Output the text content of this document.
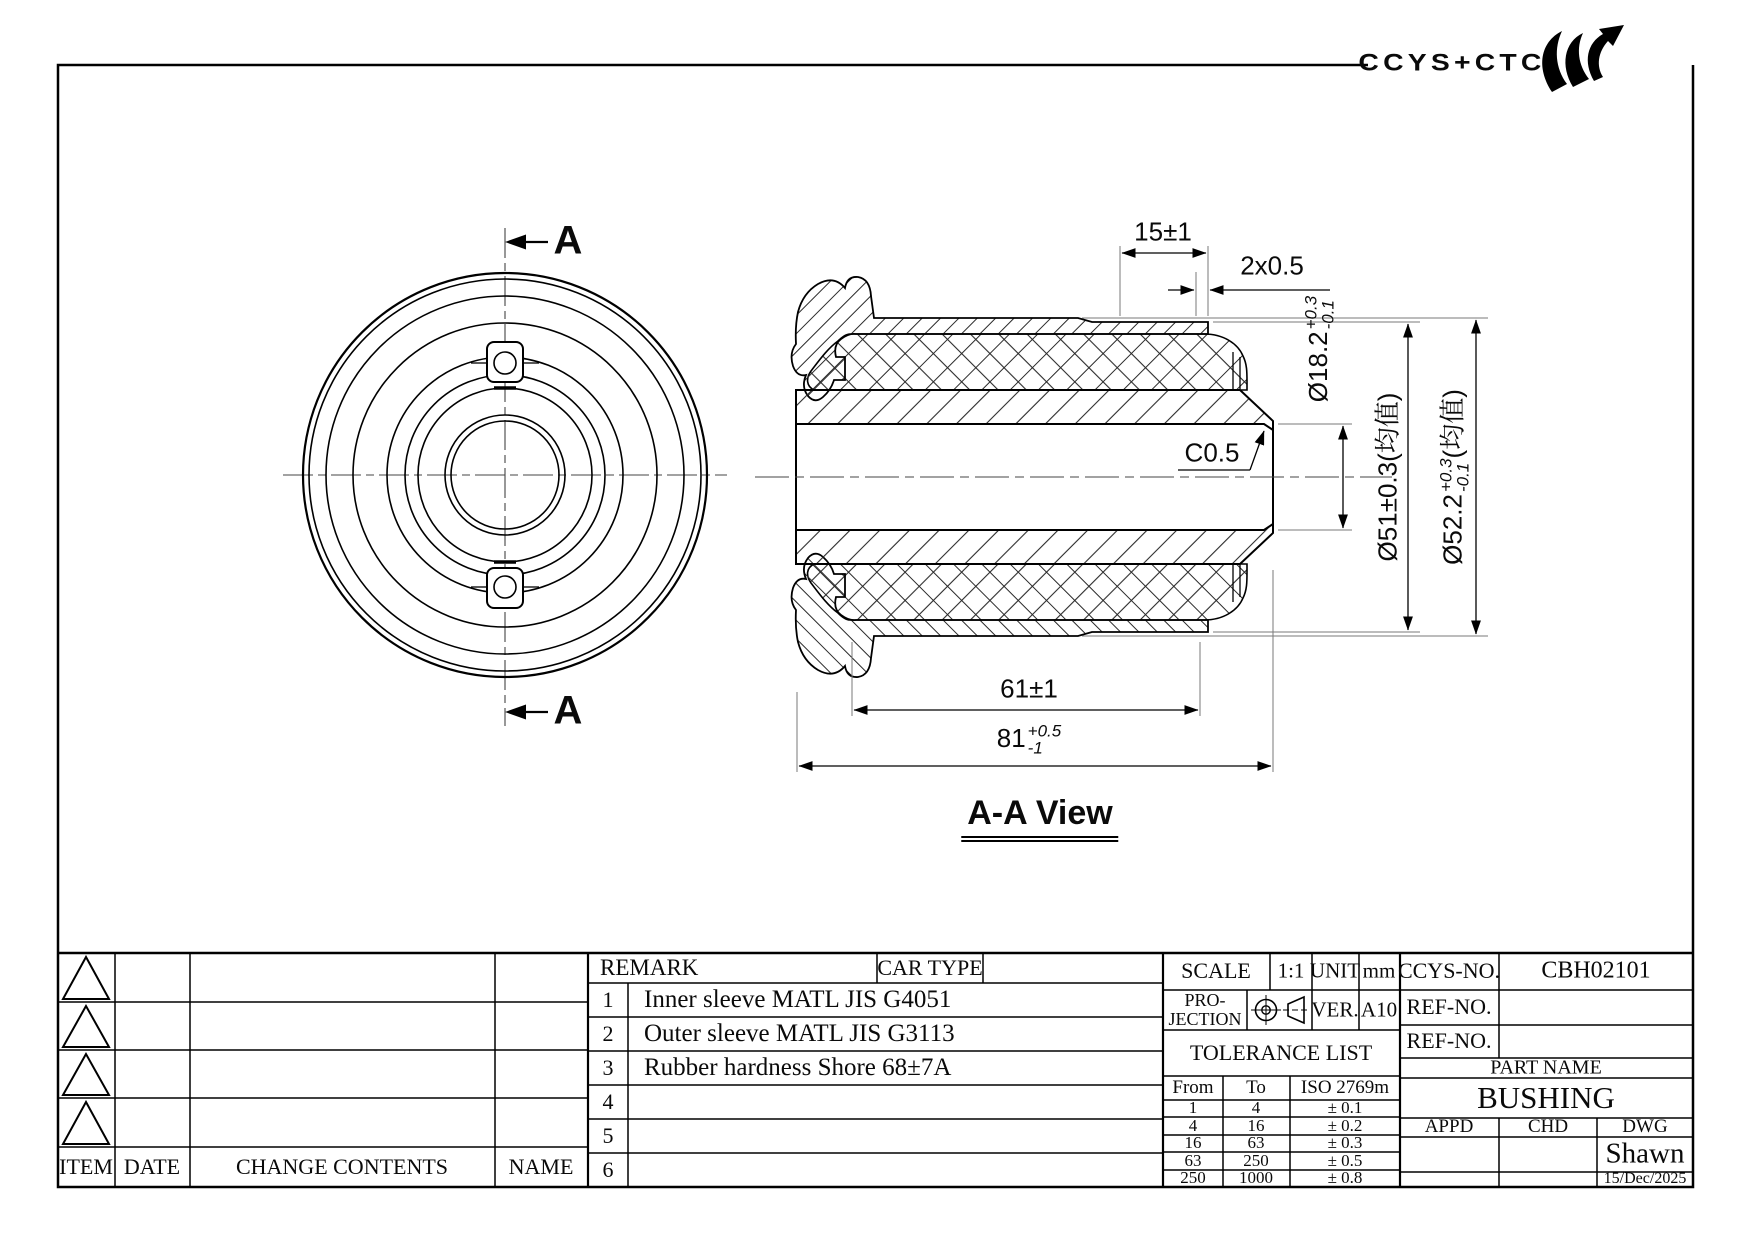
CCYS+CTC
A
A
15±1
2x0.5
Ø18.2
+0.3
-0.1
C0.5	Ø51±0.3(均值) Ø52.2
+0.3
-0.1
(均值)
61±1
81 +0.5
-1
A-A View
ITEM DATE	CHANGE CONTENTS	NAME
REMARK	CAR TYPE
1 Inner sleeve MATL JIS G4051
2 Outer sleeve MATL JIS G3113
3 Rubber hardness Shore 68±7A
4
5
6
SCALE 1:1 UNIT mm
PRO-
JECTION	VER. A10
TOLERANCE LIST
From To ISO 2769m
1	4	± 0.1
4	16	± 0.2
16	63	± 0.3
63 250	± 0.5
250 1000	± 0.8
CCYS-NO. CBH02101
REF-NO.
REF-NO.
PART NAME
BUSHING
APPD	CHD	DWG
Shawn
15/Dec/2025
